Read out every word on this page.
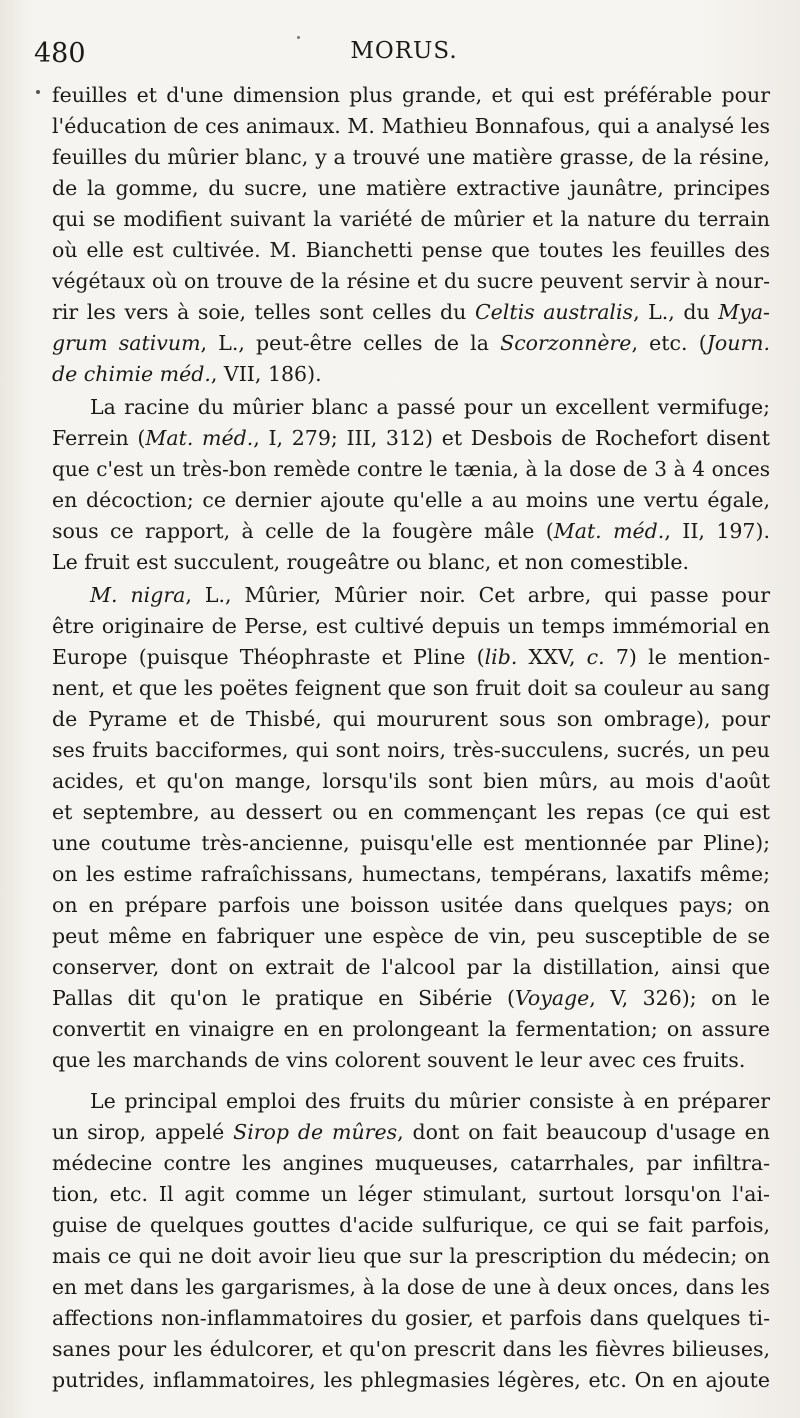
480	MORUS.
feuilles et d'une dimension plus grande, et qui est préférable pour
l'éducation de ces animaux. M. Mathieu Bonnafous, qui a analysé les
feuilles du mûrier blanc, y a trouvé une matière grasse, de la résine,
de la gomme, du sucre, une matière extractive jaunâtre, principes
qui se modifient suivant la variété de mûrier et la nature du terrain
où elle est cultivée. M. Bianchetti pense que toutes les feuilles des
végétaux où on trouve de la résine et du sucre peuvent servir à nour-
rir les vers à soie, telles sont celles du Celtis australis, L., du Mya-
grum sativum, L., peut-être celles de la Scorzonnère, etc. (Journ.
de chimie méd., VII, 186).
La racine du mûrier blanc a passé pour un excellent vermifuge;
Ferrein (Mat. méd., I, 279; III, 312) et Desbois de Rochefort disent
que c'est un très-bon remède contre le tænia, à la dose de 3 à 4 onces
en décoction; ce dernier ajoute qu'elle a au moins une vertu égale,
sous ce rapport, à celle de la fougère mâle (Mat. méd., II, 197).
Le fruit est succulent, rougeâtre ou blanc, et non comestible.
M. nigra, L., Mûrier, Mûrier noir. Cet arbre, qui passe pour
être originaire de Perse, est cultivé depuis un temps immémorial en
Europe (puisque Théophraste et Pline (lib. XXV, c. 7) le mention-
nent, et que les poëtes feignent que son fruit doit sa couleur au sang
de Pyrame et de Thisbé, qui moururent sous son ombrage), pour
ses fruits bacciformes, qui sont noirs, très-succulens, sucrés, un peu
acides, et qu'on mange, lorsqu'ils sont bien mûrs, au mois d'août
et septembre, au dessert ou en commençant les repas (ce qui est
une coutume très-ancienne, puisqu'elle est mentionnée par Pline);
on les estime rafraîchissans, humectans, tempérans, laxatifs même;
on en prépare parfois une boisson usitée dans quelques pays; on
peut même en fabriquer une espèce de vin, peu susceptible de se
conserver, dont on extrait de l'alcool par la distillation, ainsi que
Pallas dit qu'on le pratique en Sibérie (Voyage, V, 326); on le
convertit en vinaigre en en prolongeant la fermentation; on assure
que les marchands de vins colorent souvent le leur avec ces fruits.
Le principal emploi des fruits du mûrier consiste à en préparer
un sirop, appelé Sirop de mûres, dont on fait beaucoup d'usage en
médecine contre les angines muqueuses, catarrhales, par infiltra-
tion, etc. Il agit comme un léger stimulant, surtout lorsqu'on l'ai-
guise de quelques gouttes d'acide sulfurique, ce qui se fait parfois,
mais ce qui ne doit avoir lieu que sur la prescription du médecin; on
en met dans les gargarismes, à la dose de une à deux onces, dans les
affections non-inflammatoires du gosier, et parfois dans quelques ti-
sanes pour les édulcorer, et qu'on prescrit dans les fièvres bilieuses,
putrides, inflammatoires, les phlegmasies légères, etc. On en ajoute
